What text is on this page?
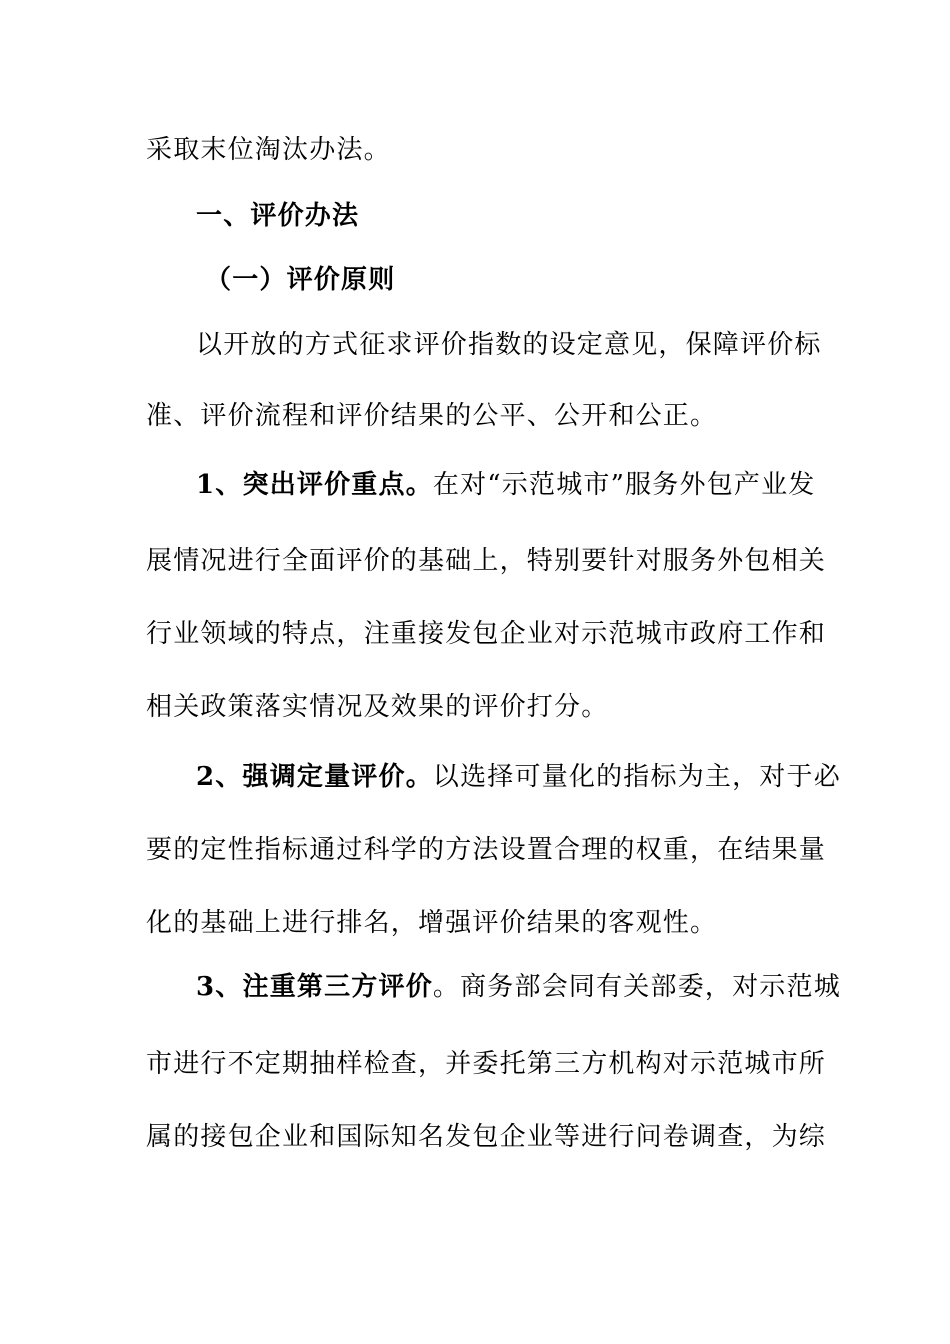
采取末位淘汰办法。
一、评价办法
（一）评价原则
以开放的方式征求评价指数的设定意见，保障评价标
准、评价流程和评价结果的公平、公开和公正。
1、突出评价重点。在对“示范城市”服务外包产业发
展情况进行全面评价的基础上，特别要针对服务外包相关
行业领域的特点，注重接发包企业对示范城市政府工作和
相关政策落实情况及效果的评价打分。
2、强调定量评价。以选择可量化的指标为主，对于必
要的定性指标通过科学的方法设置合理的权重，在结果量
化的基础上进行排名，增强评价结果的客观性。
3、注重第三方评价。商务部会同有关部委，对示范城
市进行不定期抽样检查，并委托第三方机构对示范城市所
属的接包企业和国际知名发包企业等进行问卷调查，为综
